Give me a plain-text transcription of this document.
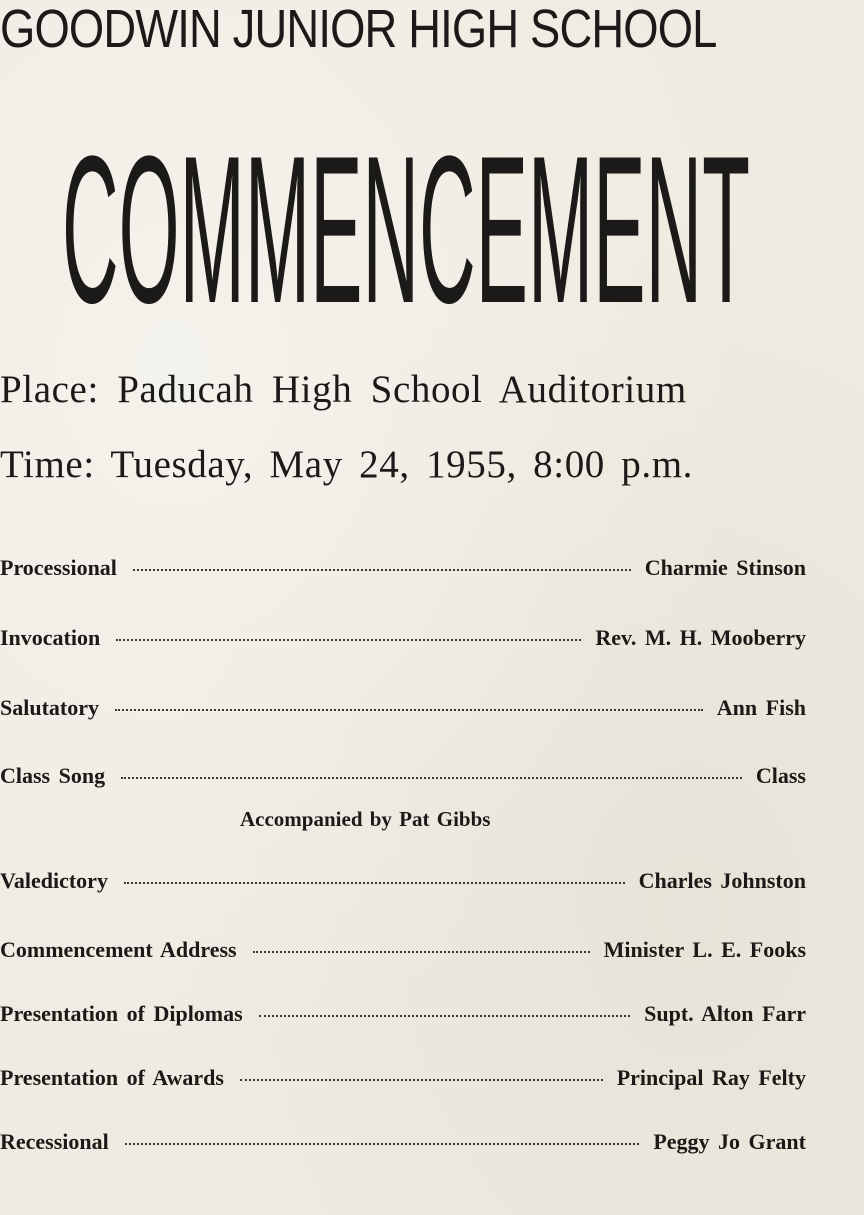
GOODWIN JUNIOR HIGH SCHOOL
COMMENCEMENT
Place: Paducah High School Auditorium
Time: Tuesday, May 24, 1955, 8:00 p.m.
Processional	Charmie Stinson
Invocation	Rev. M. H. Mooberry
Salutatory	Ann Fish
Class Song	Class
Accompanied by Pat Gibbs
Valedictory	Charles Johnston
Commencement Address	Minister L. E. Fooks
Presentation of Diplomas	Supt. Alton Farr
Presentation of Awards	Principal Ray Felty
Recessional	Peggy Jo Grant
